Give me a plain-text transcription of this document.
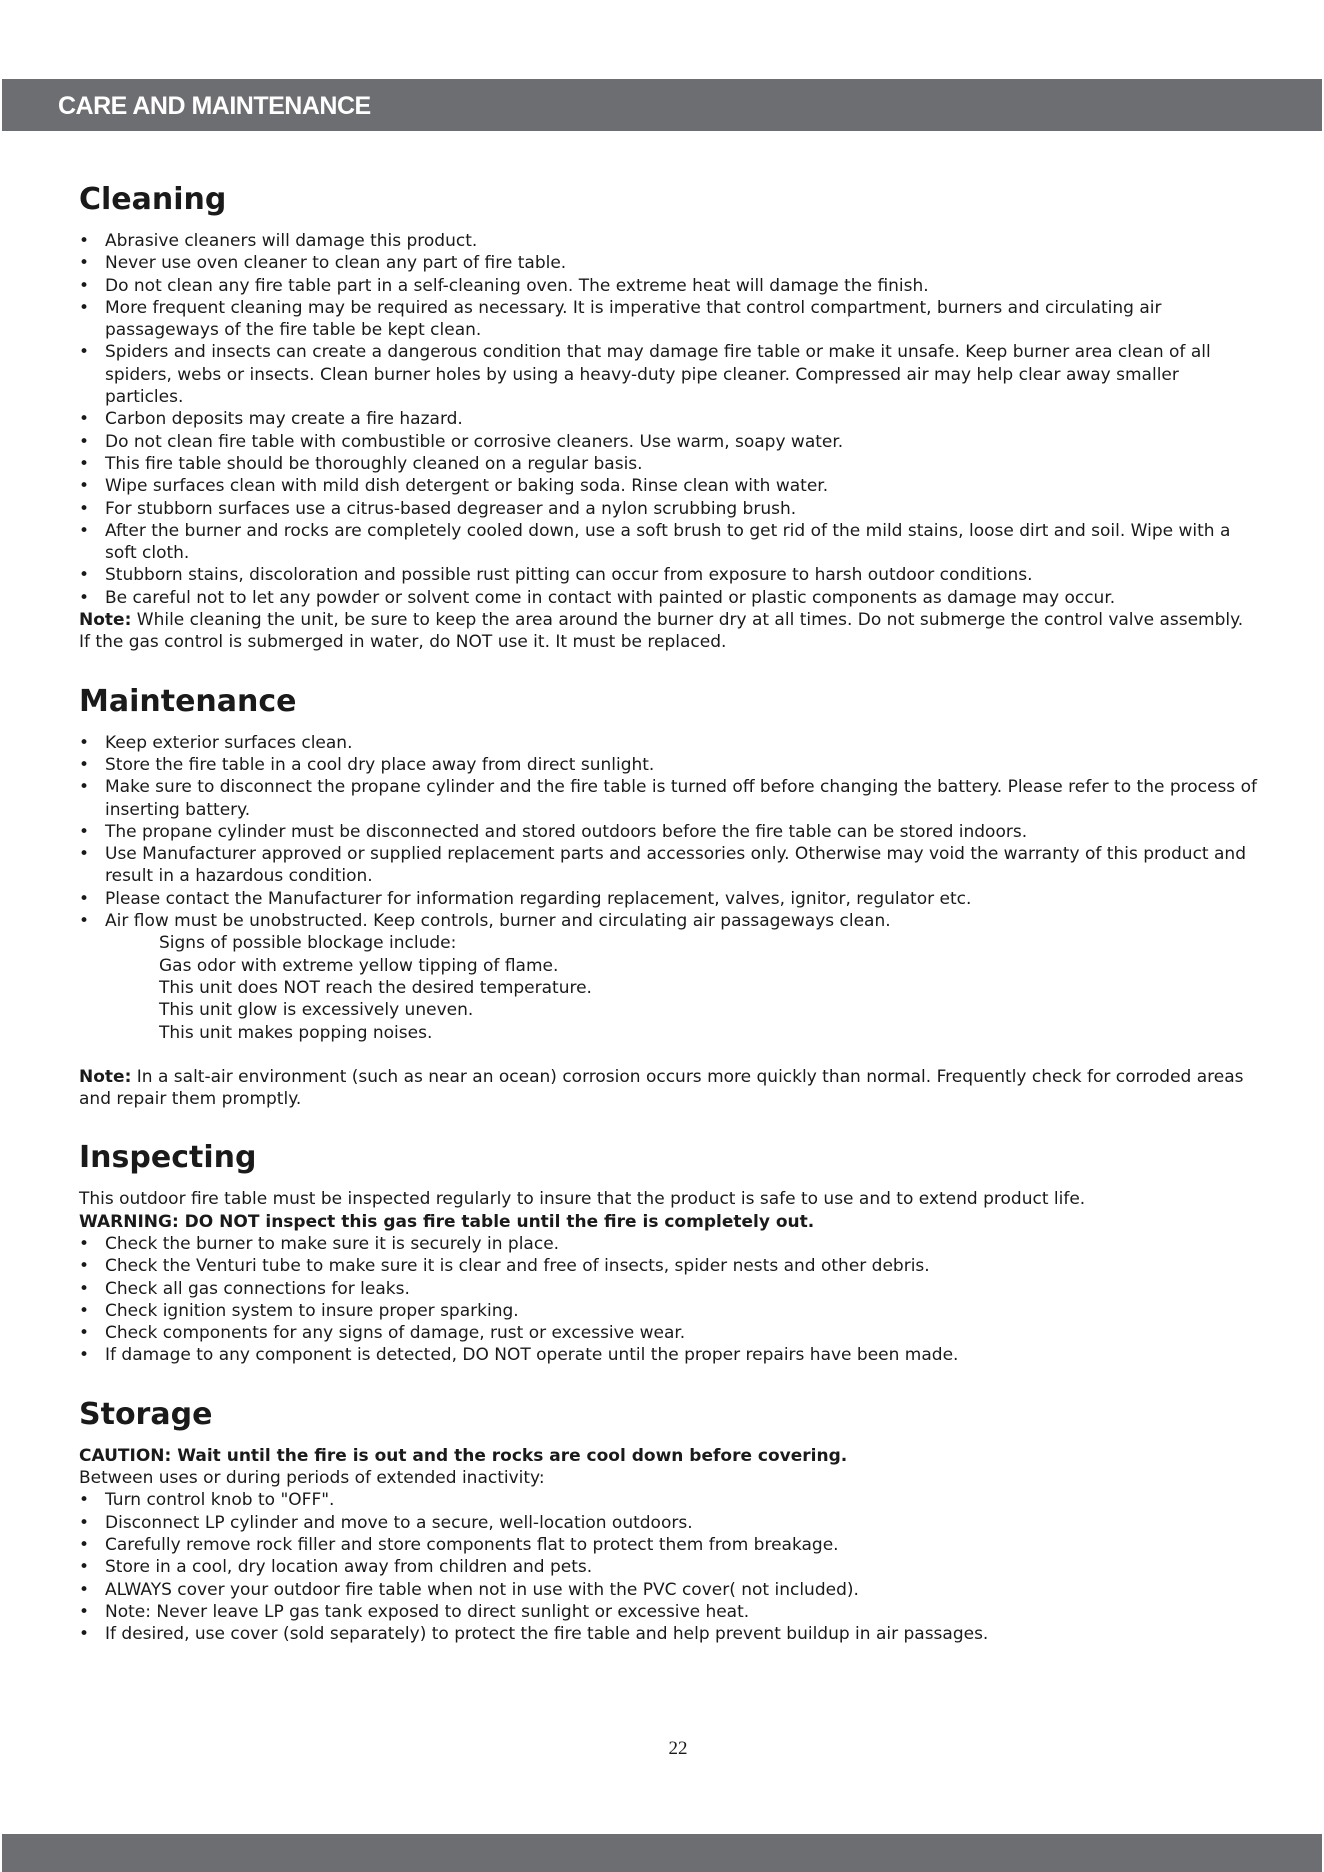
CARE AND MAINTENANCE
Cleaning
• Abrasive cleaners will damage this product.
• Never use oven cleaner to clean any part of fire table.
• Do not clean any fire table part in a self-cleaning oven. The extreme heat will damage the finish.
• More frequent cleaning may be required as necessary. It is imperative that control compartment, burners and circulating air passageways of the fire table be kept clean.
• Spiders and insects can create a dangerous condition that may damage fire table or make it unsafe. Keep burner area clean of all spiders, webs or insects. Clean burner holes by using a heavy-duty pipe cleaner. Compressed air may help clear away smaller particles.
• Carbon deposits may create a fire hazard.
• Do not clean fire table with combustible or corrosive cleaners. Use warm, soapy water.
• This fire table should be thoroughly cleaned on a regular basis.
• Wipe surfaces clean with mild dish detergent or baking soda. Rinse clean with water.
• For stubborn surfaces use a citrus-based degreaser and a nylon scrubbing brush.
• After the burner and rocks are completely cooled down, use a soft brush to get rid of the mild stains, loose dirt and soil. Wipe with a soft cloth.
• Stubborn stains, discoloration and possible rust pitting can occur from exposure to harsh outdoor conditions.
• Be careful not to let any powder or solvent come in contact with painted or plastic components as damage may occur.

Note: While cleaning the unit, be sure to keep the area around the burner dry at all times. Do not submerge the control valve assembly. If the gas control is submerged in water, do NOT use it. It must be replaced.

Maintenance
• Keep exterior surfaces clean.
• Store the fire table in a cool dry place away from direct sunlight.
• Make sure to disconnect the propane cylinder and the fire table is turned off before changing the battery. Please refer to the process of inserting battery.
• The propane cylinder must be disconnected and stored outdoors before the fire table can be stored indoors.
• Use Manufacturer approved or supplied replacement parts and accessories only. Otherwise may void the warranty of this product and result in a hazardous condition.
• Please contact the Manufacturer for information regarding replacement, valves, ignitor, regulator etc.
• Air flow must be unobstructed. Keep controls, burner and circulating air passageways clean.

Signs of possible blockage include:

Gas odor with extreme yellow tipping of flame.

This unit does NOT reach the desired temperature.

This unit glow is excessively uneven.

This unit makes popping noises.

Note: In a salt-air environment (such as near an ocean) corrosion occurs more quickly than normal. Frequently check for corroded areas and repair them promptly.

Inspecting

This outdoor fire table must be inspected regularly to insure that the product is safe to use and to extend product life.

WARNING: DO NOT inspect this gas fire table until the fire is completely out.

• Check the burner to make sure it is securely in place.
• Check the Venturi tube to make sure it is clear and free of insects, spider nests and other debris.
• Check all gas connections for leaks.
• Check ignition system to insure proper sparking.
• Check components for any signs of damage, rust or excessive wear.
• If damage to any component is detected, DO NOT operate until the proper repairs have been made.
Storage

CAUTION: Wait until the fire is out and the rocks are cool down before covering.

Between uses or during periods of extended inactivity:

• Turn control knob to "OFF".
• Disconnect LP cylinder and move to a secure, well-location outdoors.
• Carefully remove rock filler and store components flat to protect them from breakage.
• Store in a cool, dry location away from children and pets.
• ALWAYS cover your outdoor fire table when not in use with the PVC cover( not included).
• Note: Never leave LP gas tank exposed to direct sunlight or excessive heat.
• If desired, use cover (sold separately) to protect the fire table and help prevent buildup in air passages.
22
